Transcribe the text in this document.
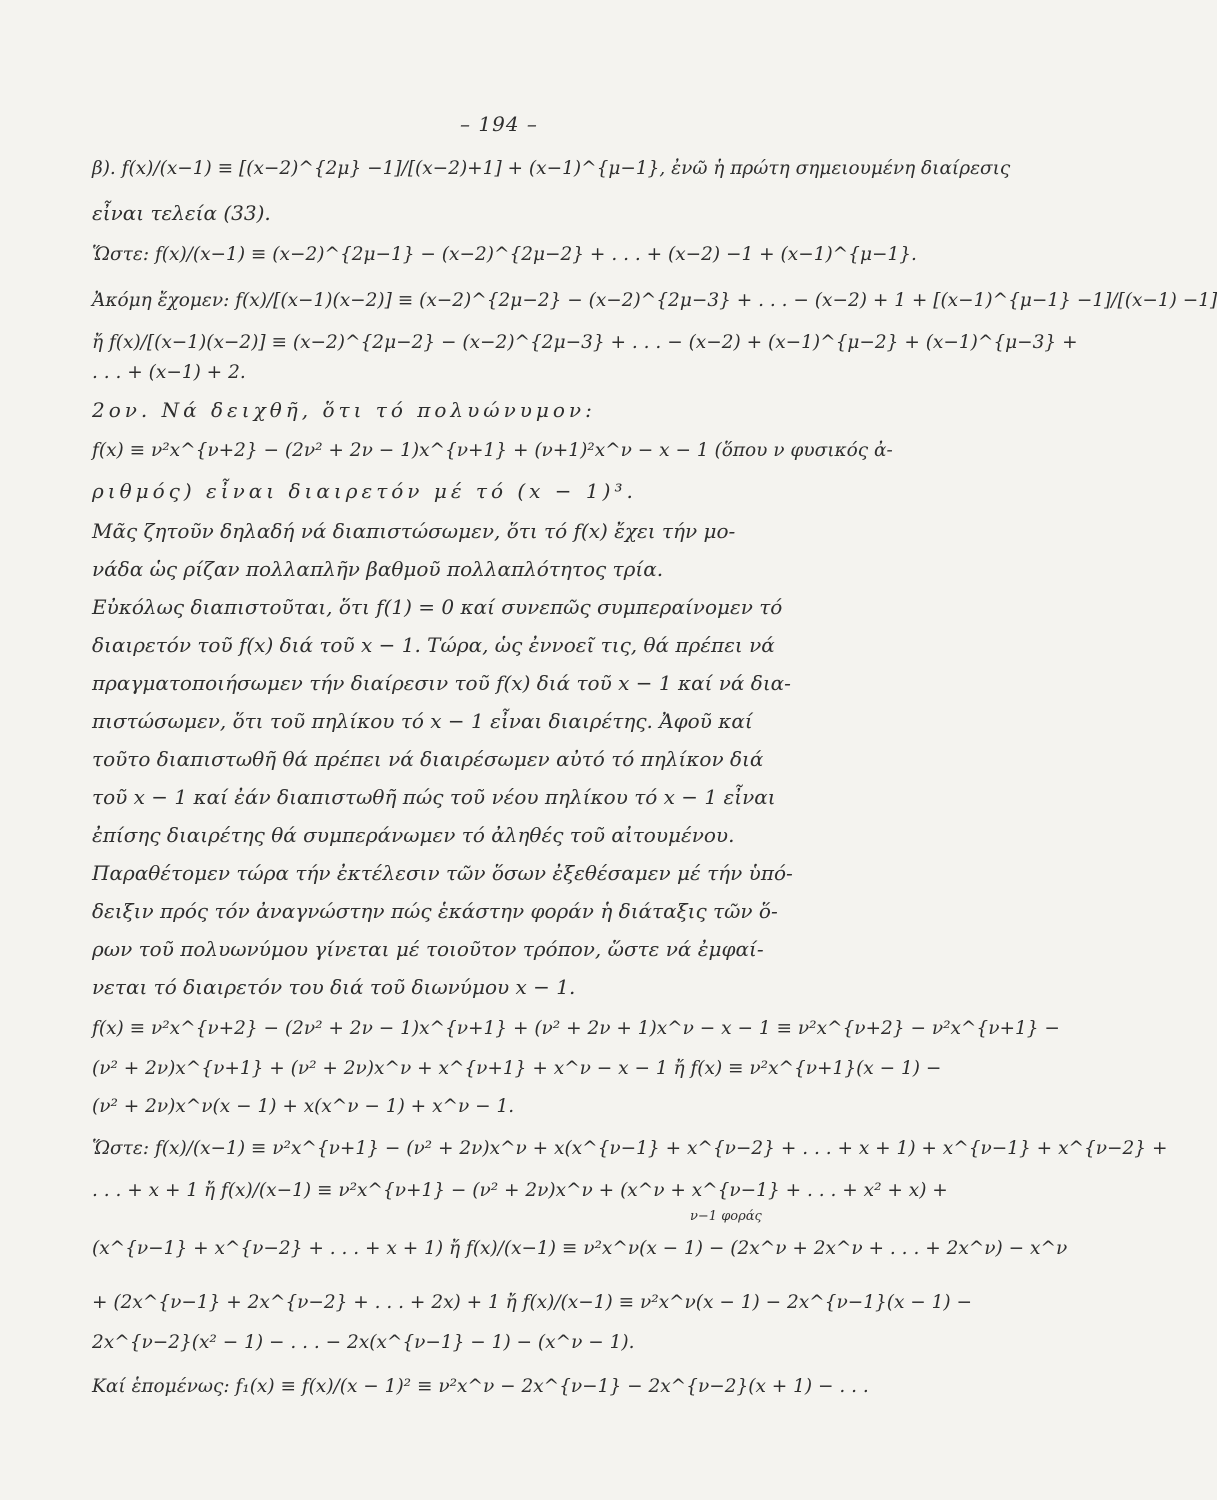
– 194 –
β). f(x)/(x−1) ≡ [(x−2)^{2μ} −1]/[(x−2)+1] + (x−1)^{μ−1}, ἐνῶ ἡ πρώτη σημειουμένη διαίρεσις
εἶναι τελεία (33).
Ὥστε: f(x)/(x−1) ≡ (x−2)^{2μ−1} − (x−2)^{2μ−2} + . . . + (x−2) −1 + (x−1)^{μ−1}.
Ἀκόμη ἔχομεν: f(x)/[(x−1)(x−2)] ≡ (x−2)^{2μ−2} − (x−2)^{2μ−3} + . . . − (x−2) + 1 + [(x−1)^{μ−1} −1]/[(x−1) −1]
ἤ f(x)/[(x−1)(x−2)] ≡ (x−2)^{2μ−2} − (x−2)^{2μ−3} + . . . − (x−2) + (x−1)^{μ−2} + (x−1)^{μ−3} +
. . . + (x−1) + 2.
2ον. Νά δειχθῆ, ὅτι τό πολυώνυμον:
f(x) ≡ ν²x^{ν+2} − (2ν² + 2ν − 1)x^{ν+1} + (ν+1)²x^ν − x − 1 (ὅπου ν φυσικός ἀ-
ριθμός) εἶναι διαιρετόν μέ τό (x − 1)³.
Μᾶς ζητοῦν δηλαδή νά διαπιστώσωμεν, ὅτι τό f(x) ἔχει τήν μο-
νάδα ὡς ρίζαν πολλαπλῆν βαθμοῦ πολλαπλότητος τρία.
Εὐκόλως διαπιστοῦται, ὅτι f(1) = 0 καί συνεπῶς συμπεραίνομεν τό
διαιρετόν τοῦ f(x) διά τοῦ x − 1. Τώρα, ὡς ἐννοεῖ τις, θά πρέπει νά
πραγματοποιήσωμεν τήν διαίρεσιν τοῦ f(x) διά τοῦ x − 1 καί νά δια-
πιστώσωμεν, ὅτι τοῦ πηλίκου τό x − 1 εἶναι διαιρέτης. Ἀφοῦ καί
τοῦτο διαπιστωθῆ θά πρέπει νά διαιρέσωμεν αὐτό τό πηλίκον διά
τοῦ x − 1 καί ἐάν διαπιστωθῆ πώς τοῦ νέου πηλίκου τό x − 1 εἶναι
ἐπίσης διαιρέτης θά συμπεράνωμεν τό ἀληθές τοῦ αἰτουμένου.
Παραθέτομεν τώρα τήν ἐκτέλεσιν τῶν ὅσων ἐξεθέσαμεν μέ τήν ὑπό-
δειξιν πρός τόν ἀναγνώστην πώς ἑκάστην φοράν ἡ διάταξις τῶν ὅ-
ρων τοῦ πολυωνύμου γίνεται μέ τοιοῦτον τρόπον, ὥστε νά ἐμφαί-
νεται τό διαιρετόν του διά τοῦ διωνύμου x − 1.
f(x) ≡ ν²x^{ν+2} − (2ν² + 2ν − 1)x^{ν+1} + (ν² + 2ν + 1)x^ν − x − 1 ≡ ν²x^{ν+2} − ν²x^{ν+1} −
(ν² + 2ν)x^{ν+1} + (ν² + 2ν)x^ν + x^{ν+1} + x^ν − x − 1 ἤ f(x) ≡ ν²x^{ν+1}(x − 1) −
(ν² + 2ν)x^ν(x − 1) + x(x^ν − 1) + x^ν − 1.
Ὥστε: f(x)/(x−1) ≡ ν²x^{ν+1} − (ν² + 2ν)x^ν + x(x^{ν−1} + x^{ν−2} + . . . + x + 1) + x^{ν−1} + x^{ν−2} +
. . . + x + 1 ἤ f(x)/(x−1) ≡ ν²x^{ν+1} − (ν² + 2ν)x^ν + (x^ν + x^{ν−1} + . . . + x² + x) +
ν−1 φοράς
(x^{ν−1} + x^{ν−2} + . . . + x + 1) ἤ f(x)/(x−1) ≡ ν²x^ν(x − 1) − (2x^ν + 2x^ν + . . . + 2x^ν) − x^ν
+ (2x^{ν−1} + 2x^{ν−2} + . . . + 2x) + 1 ἤ f(x)/(x−1) ≡ ν²x^ν(x − 1) − 2x^{ν−1}(x − 1) −
2x^{ν−2}(x² − 1) − . . . − 2x(x^{ν−1} − 1) − (x^ν − 1).
Καί ἑπομένως: f₁(x) ≡ f(x)/(x − 1)² ≡ ν²x^ν − 2x^{ν−1} − 2x^{ν−2}(x + 1) − . . .
